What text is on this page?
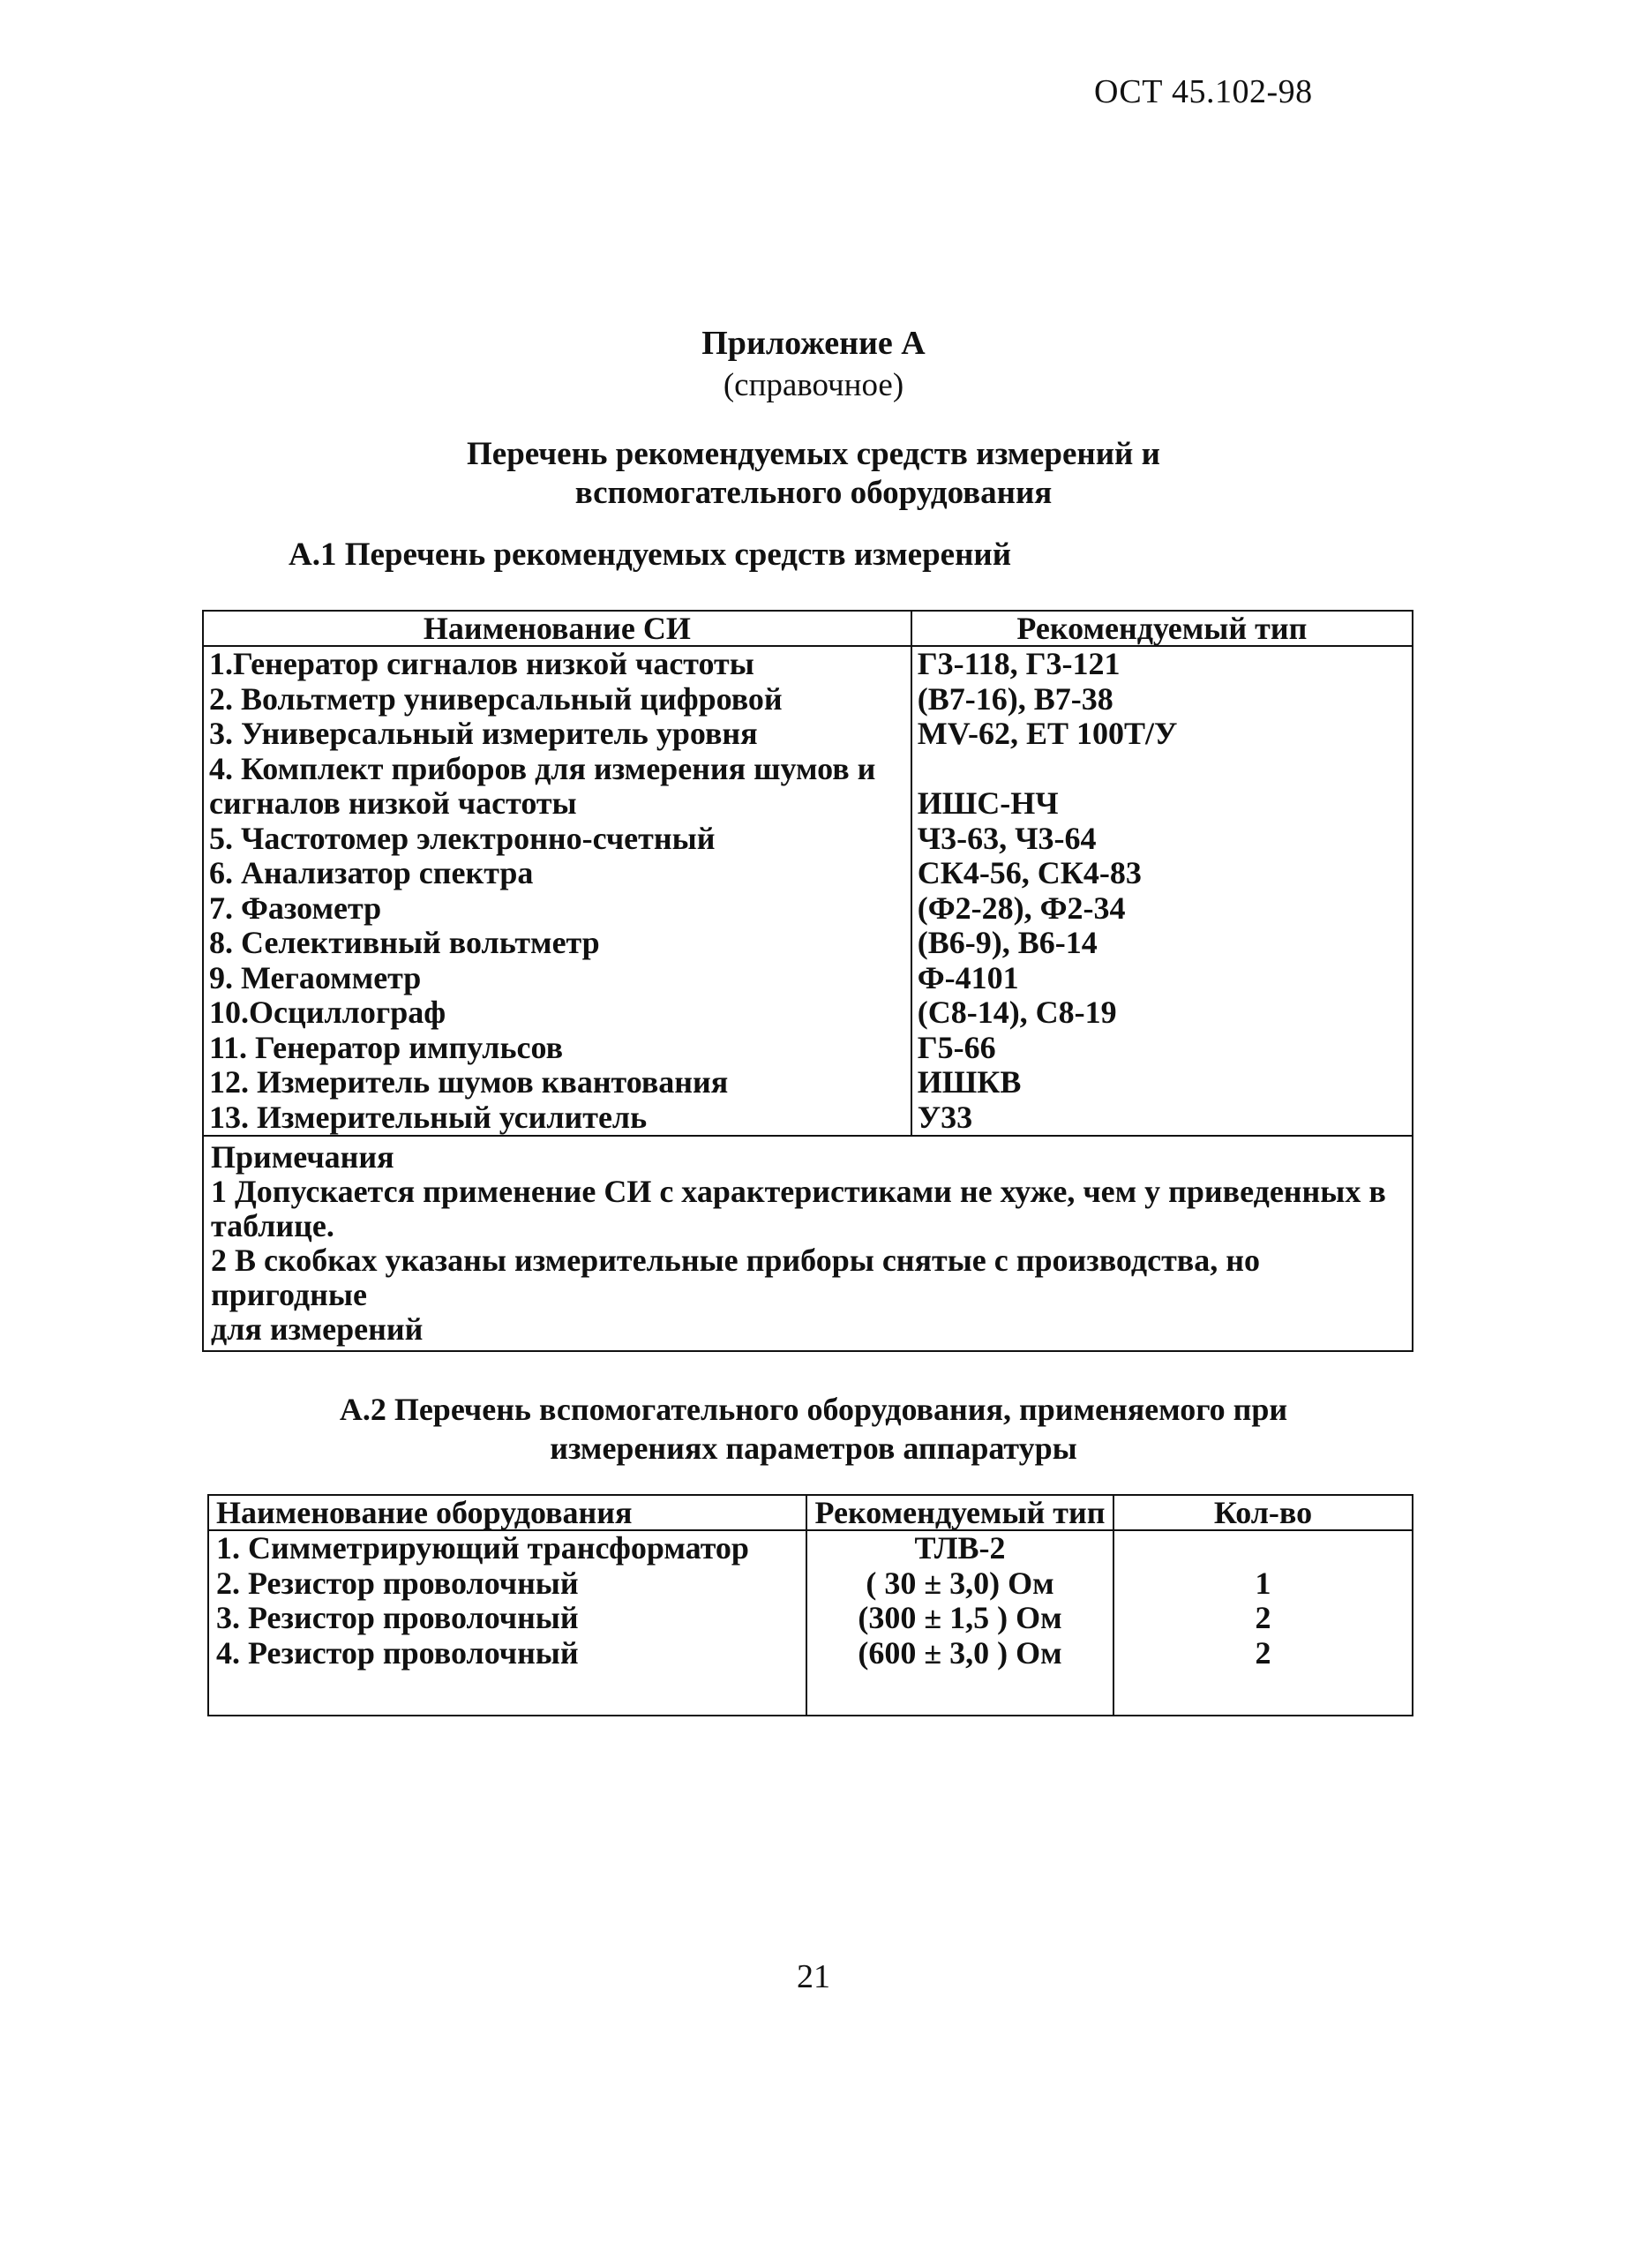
ОСТ 45.102-98
Приложение А
(справочное)
Перечень рекомендуемых средств измерений и
вспомогательного оборудования
А.1 Перечень рекомендуемых средств измерений
Наименование СИ	Рекомендуемый тип
1.Генератор сигналов низкой частоты	Г3-118, Г3-121
2. Вольтметр универсальный цифровой	(В7-16), В7-38
3. Универсальный измеритель уровня	MV-62, ЕТ 100Т/У
4. Комплект приборов для измерения шумов и	
сигналов низкой частоты	ИШС-НЧ
5. Частотомер электронно-счетный	Ч3-63, Ч3-64
6. Анализатор спектра	СК4-56, СК4-83
7. Фазометр	(Ф2-28), Ф2-34
8. Селективный вольтметр	(В6-9), В6-14
9. Мегаомметр	Ф-4101
10.Осциллограф	(С8-14), С8-19
11. Генератор импульсов	Г5-66
12. Измеритель шумов квантования	ИШКВ
13. Измерительный усилитель	У33

Примечания
1 Допускается применение СИ с характеристиками не хуже, чем у приведенных в
таблице.
2 В скобках указаны измерительные приборы снятые с производства, но пригодные
для измерений	
А.2 Перечень вспомогательного оборудования, применяемого при
измерениях параметров аппаратуры
Наименование оборудования	Рекомендуемый тип	Кол-во
1. Симметрирующий трансформатор	ТЛВ-2	
2. Резистор проволочный	( 30 ± 3,0) Ом	1
3. Резистор проволочный	(300 ± 1,5 ) Ом	2
4. Резистор проволочный	(600 ± 3,0 ) Ом	2

21
